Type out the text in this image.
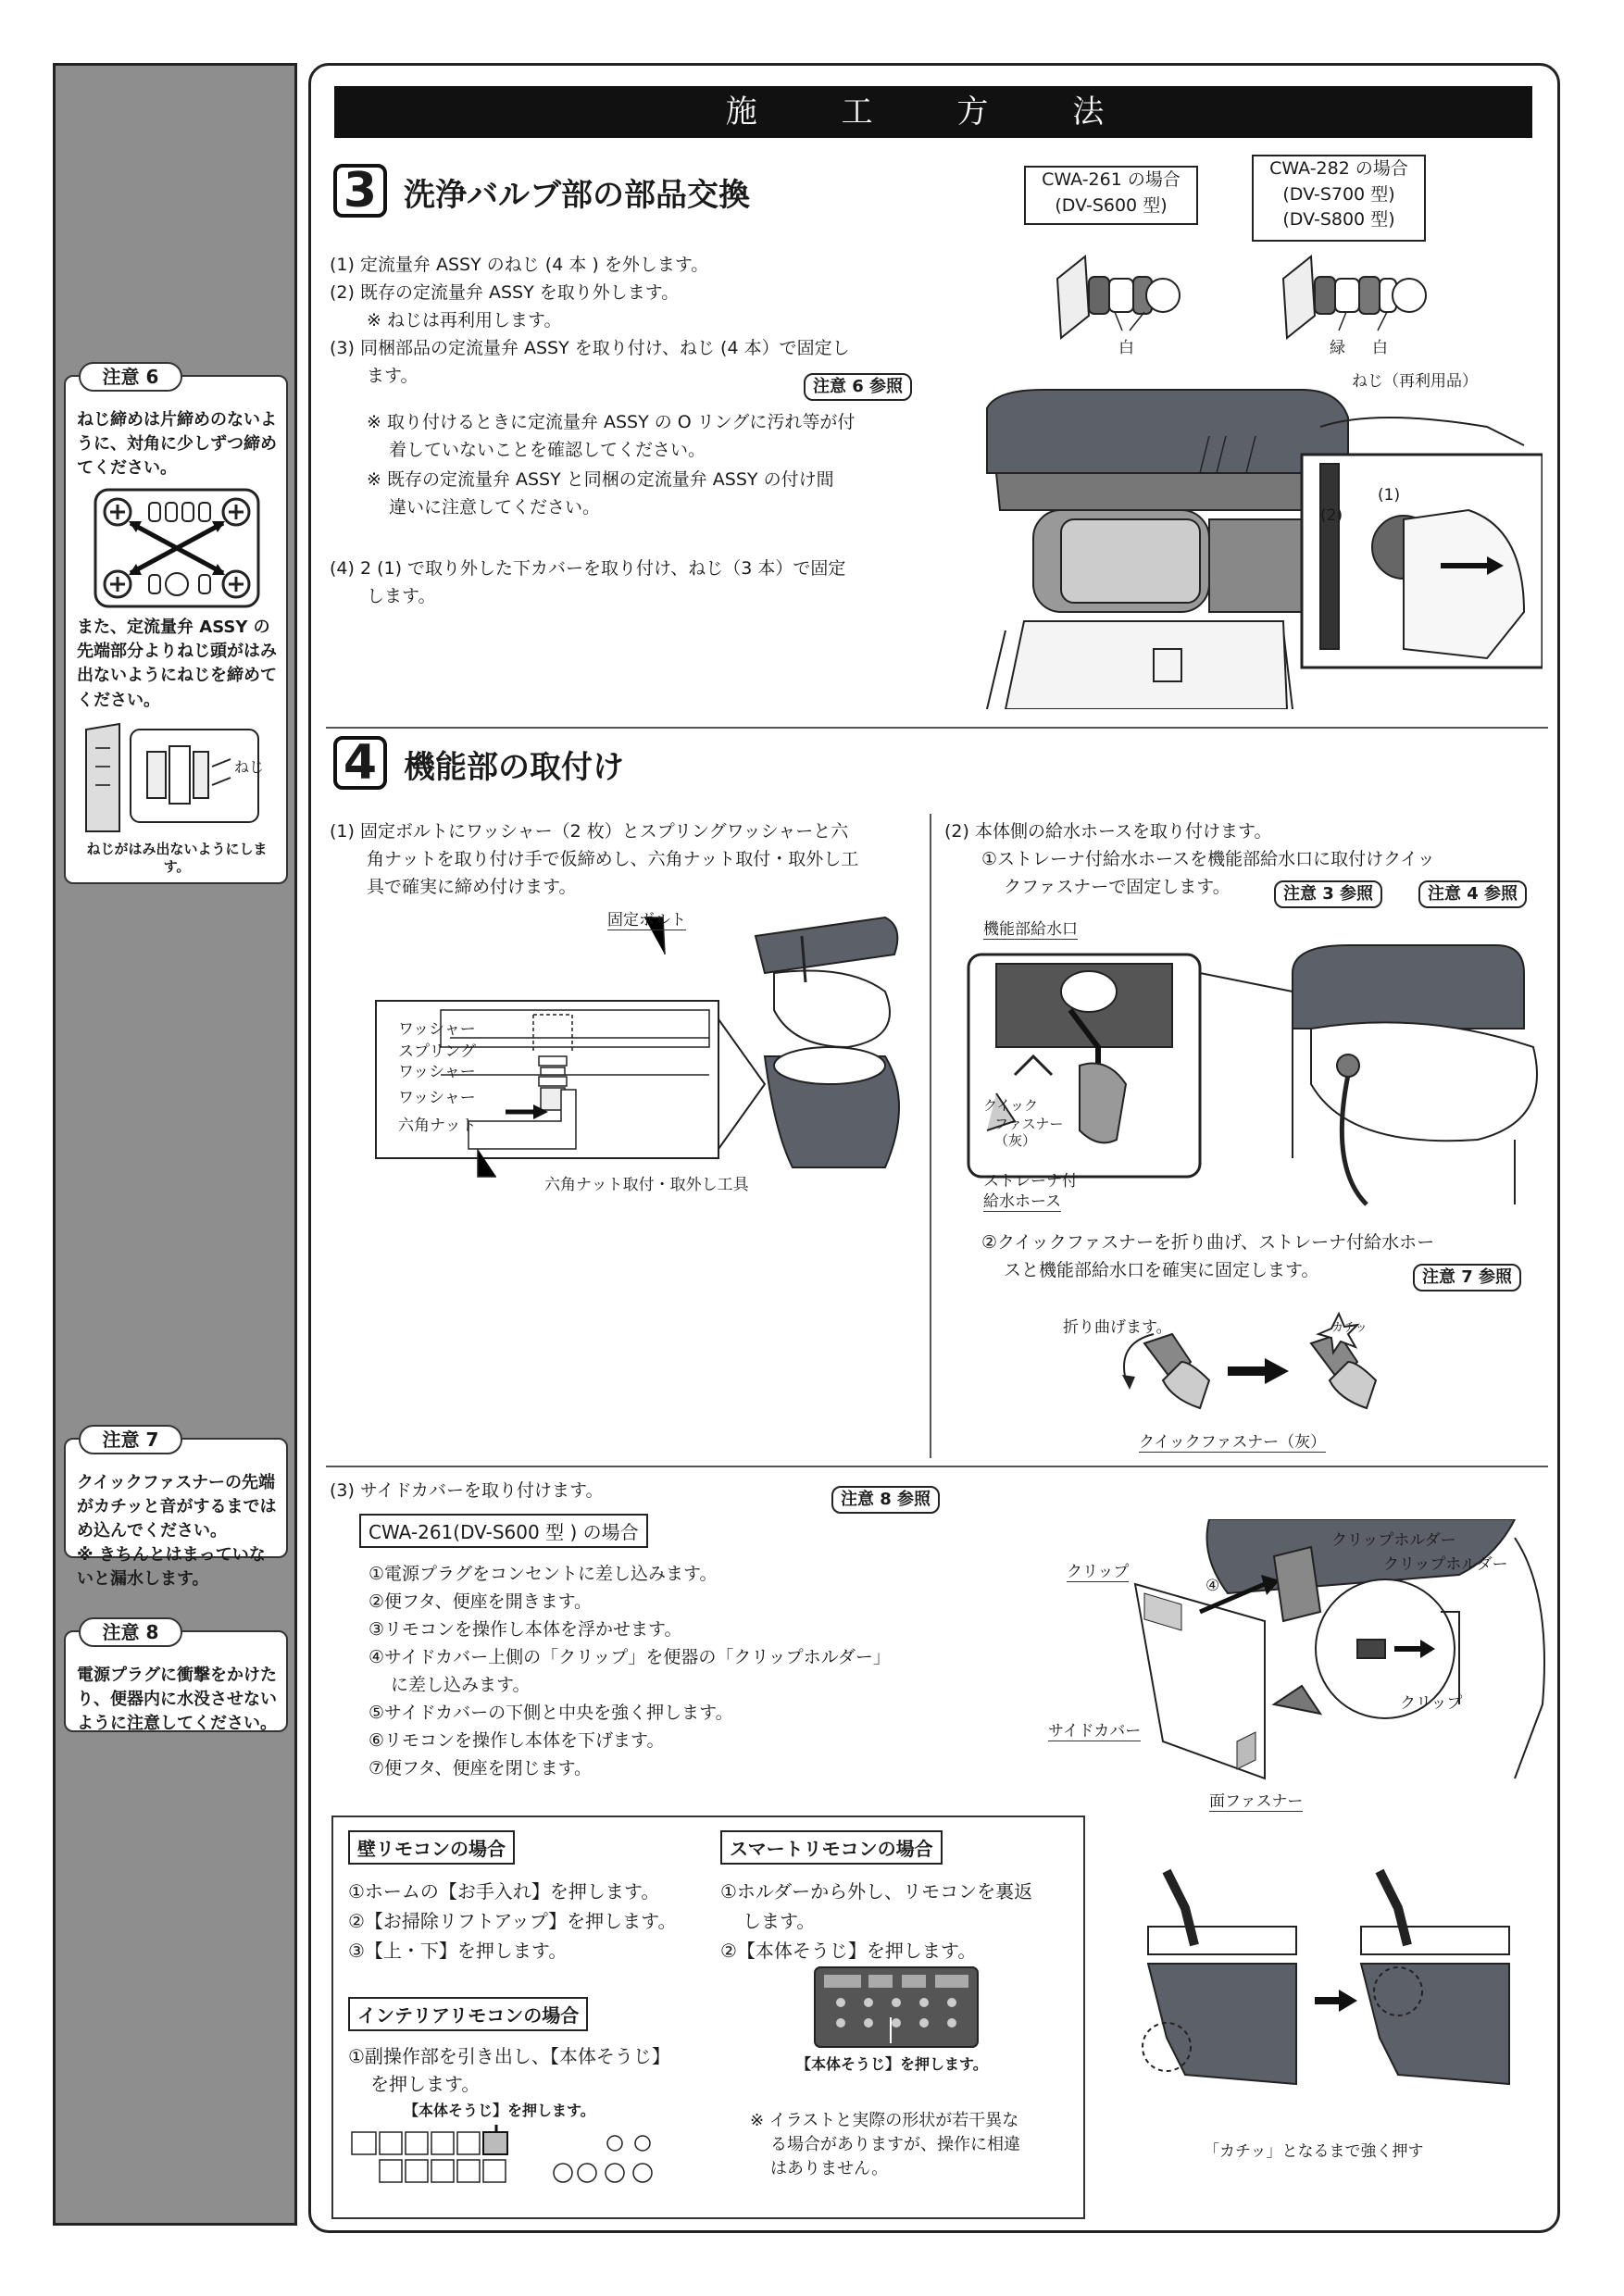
注意 6
ねじ締めは片締めのないように、対角に少しずつ締めてください。
また、定流量弁 ASSY の先端部分よりねじ頭がはみ出ないようにねじを締めてください。
ねじ
ねじがはみ出ないようにします。
注意 7
クイックファスナーの先端がカチッと音がするまではめ込んでください。
※ きちんとはまっていないと漏水します。
注意 8
電源プラグに衝撃をかけたり、便器内に水没させないように注意してください。
施 工 方 法
3 洗浄バルブ部の部品交換
(1) 定流量弁 ASSY のねじ (4 本 ) を外します。
(2) 既存の定流量弁 ASSY を取り外します。
※ ねじは再利用します。
(3) 同梱部品の定流量弁 ASSY を取り付け、ねじ (4 本）で固定し
ます。
注意 6 参照
※ 取り付けるときに定流量弁 ASSY の O リングに汚れ等が付
着していないことを確認してください。
※ 既存の定流量弁 ASSY と同梱の定流量弁 ASSY の付け間
違いに注意してください。
(4) 2 (1) で取り外した下カバーを取り付け、ねじ（3 本）で固定
します。
CWA-261 の場合
(DV-S600 型)
CWA-282 の場合
(DV-S700 型)
(DV-S800 型)
白	緑 白
ねじ（再利用品）
(1)
(2)
4 機能部の取付け
(1) 固定ボルトにワッシャー（2 枚）とスプリングワッシャーと六
角ナットを取り付け手で仮締めし、六角ナット取付・取外し工
具で確実に締め付けます。
固定ボルト
ワッシャー
スプリング
ワッシャー
ワッシャー
六角ナット
六角ナット取付・取外し工具
(2) 本体側の給水ホースを取り付けます。
①ストレーナ付給水ホースを機能部給水口に取付けクイッ
クファスナーで固定します。	注意 3 参照	注意 4 参照
機能部給水口
クイック
ファスナー
（灰）
ストレーナ付
給水ホース
②クイックファスナーを折り曲げ、ストレーナ付給水ホー
スと機能部給水口を確実に固定します。	注意 7 参照
折り曲げます。	カチッ
クイックファスナー（灰）
(3) サイドカバーを取り付けます。	注意 8 参照
CWA-261(DV-S600 型 ) の場合
①電源プラグをコンセントに差し込みます。
②便フタ、便座を開きます。
③リモコンを操作し本体を浮かせます。
④サイドカバー上側の「クリップ」を便器の「クリップホルダー」
に差し込みます。
⑤サイドカバーの下側と中央を強く押します。
⑥リモコンを操作し本体を下げます。
⑦便フタ、便座を閉じます。
クリップホルダー
クリップホルダー
クリップ
④
クリップ
サイドカバー
面ファスナー
壁リモコンの場合
①ホームの【お手入れ】を押します。
②【お掃除リフトアップ】を押します。
③【上・下】を押します。
スマートリモコンの場合
①ホルダーから外し、リモコンを裏返
します。
②【本体そうじ】を押します。
【本体そうじ】を押します。
インテリアリモコンの場合
①副操作部を引き出し、【本体そうじ】
を押します。
【本体そうじ】を押します。
※ イラストと実際の形状が若干異な
る場合がありますが、操作に相違
はありません。
「カチッ」となるまで強く押す
